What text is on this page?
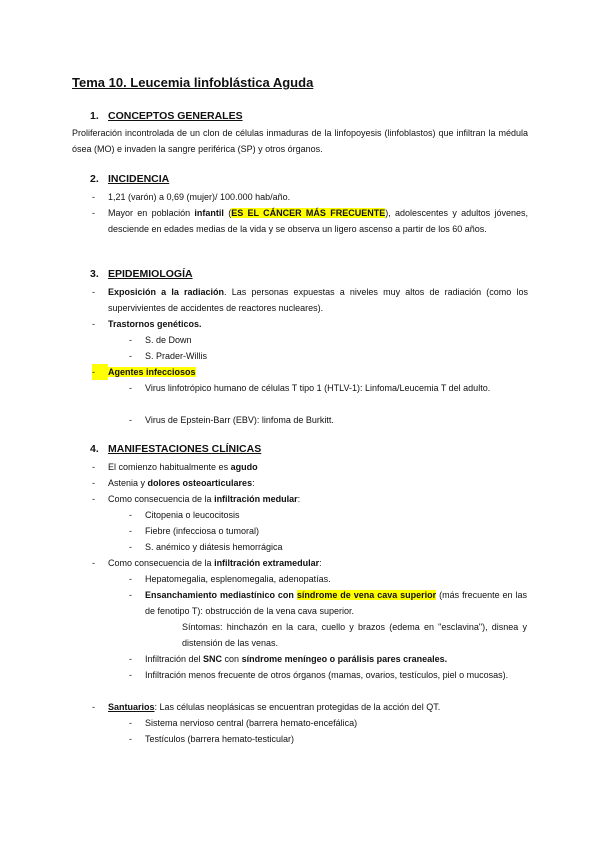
Tema 10. Leucemia linfoblástica Aguda
1. CONCEPTOS GENERALES
Proliferación incontrolada de un clon de células inmaduras de la linfopoyesis (linfoblastos) que infiltran la médula ósea (MO) e invaden la sangre periférica (SP) y otros órganos.
2. INCIDENCIA
- 1,21 (varón) a 0,69 (mujer)/ 100.000 hab/año.
- Mayor en población infantil (ES EL CÁNCER MÁS FRECUENTE), adolescentes y adultos jóvenes, desciende en edades medias de la vida y se observa un ligero ascenso a partir de los 60 años.
3. EPIDEMIOLOGÍA
- Exposición a la radiación. Las personas expuestas a niveles muy altos de radiación (como los supervivientes de accidentes de reactores nucleares).
- Trastornos genéticos.
- S. de Down
- S. Prader-Willis
-	Agentes infecciosos
- Virus linfotrópico humano de células T tipo 1 (HTLV-1): Linfoma/Leucemia T del adulto.
- Virus de Epstein-Barr (EBV): linfoma de Burkitt.
4. MANIFESTACIONES CLÍNICAS
- El comienzo habitualmente es agudo
- Astenia y dolores osteoarticulares:
- Como consecuencia de la infiltración medular:
- Citopenia o leucocitosis
- Fiebre (infecciosa o tumoral)
- S. anémico y diátesis hemorrágica
- Como consecuencia de la infiltración extramedular:
- Hepatomegalia, esplenomegalia, adenopatías.
- Ensanchamiento mediastínico con síndrome de vena cava superior (más frecuente en las de fenotipo T): obstrucción de la vena cava superior.
Síntomas: hinchazón en la cara, cuello y brazos (edema en "esclavina"), disnea y distensión de las venas.
- Infiltración del SNC con síndrome meníngeo o parálisis pares craneales.
- Infiltración menos frecuente de otros órganos (mamas, ovarios, testículos, piel o mucosas).
- Santuarios: Las células neoplásicas se encuentran protegidas de la acción del QT.
- Sistema nervioso central (barrera hemato-encefálica)
- Testículos (barrera hemato-testicular)
